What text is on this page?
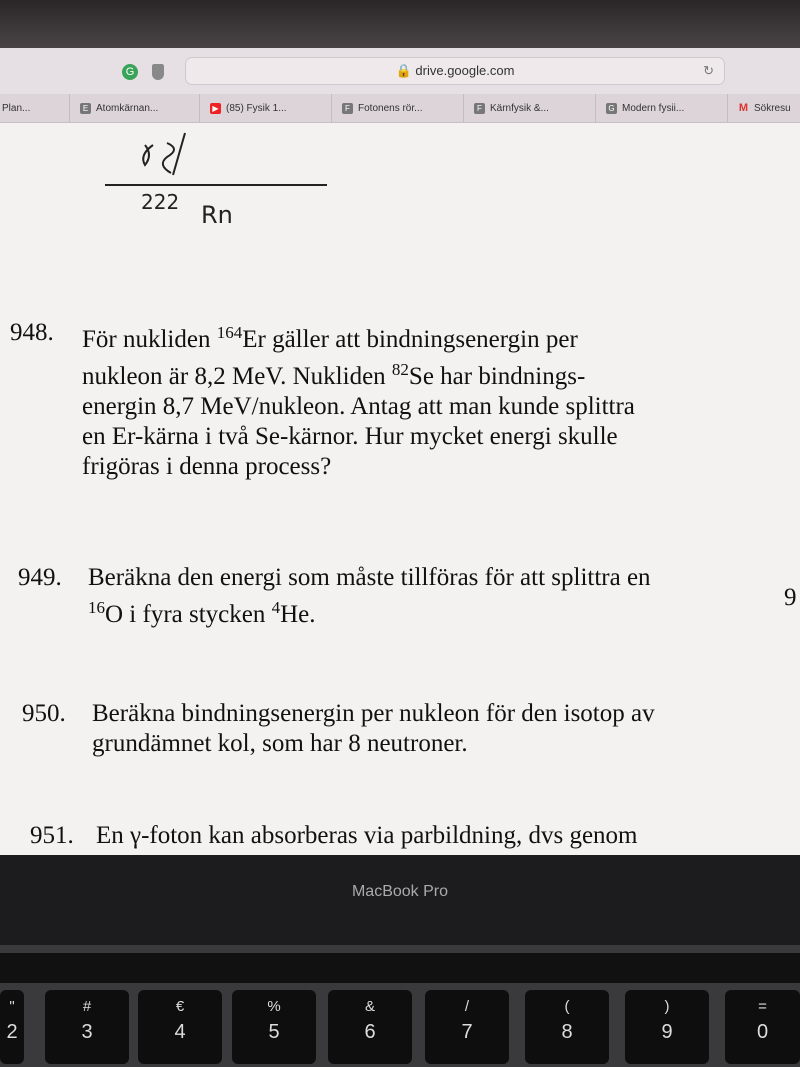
G	🔒 drive.google.com	↻
Plan...	E Atomkärnan...	▶ (85) Fysik 1...	F Fotonens rör...	F Kärnfysik &...	G Modern fysii...	M Sökresu
222 Rn
948. För nukliden $^{164}$Er gäller att bindningsenergin per
nukleon är 8,2 MeV. Nukliden $^{82}$Se har bindnings-
energin 8,7 MeV/nukleon. Antag att man kunde splittra
en Er-kärna i två Se-kärnor. Hur mycket energi skulle
frigöras i denna process?
949. Beräkna den energi som måste tillföras för att splittra en
$^{16}$O i fyra stycken $^4$He.
9
950. Beräkna bindningsenergin per nukleon för den isotop av
grundämnet kol, som har 8 neutroner.
951. En γ-foton kan absorberas via parbildning, dvs genom
MacBook Pro
"
2
#
3
€
4
%
5
&
6
/
7
(
8
)
9
=
0
